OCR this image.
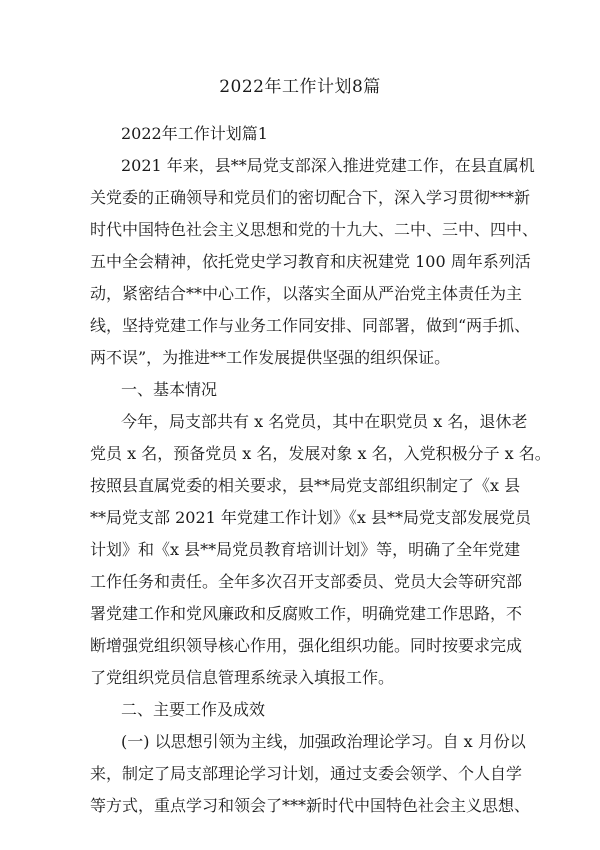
2022年工作计划8篇
2022年工作计划篇1
2021 年来，县**局党支部深入推进党建工作，在县直属机
关党委的正确领导和党员们的密切配合下，深入学习贯彻***新
时代中国特色社会主义思想和党的十九大、二中、三中、四中、
五中全会精神，依托党史学习教育和庆祝建党 100 周年系列活
动，紧密结合**中心工作，以落实全面从严治党主体责任为主
线，坚持党建工作与业务工作同安排、同部署，做到“两手抓、
两不误”，为推进**工作发展提供坚强的组织保证。
一、基本情况
今年，局支部共有 x 名党员，其中在职党员 x 名，退休老
党员 x 名，预备党员 x 名，发展对象 x 名，入党积极分子 x 名。
按照县直属党委的相关要求，县**局党支部组织制定了《x 县
**局党支部 2021 年党建工作计划》《x 县**局党支部发展党员
计划》和《x 县**局党员教育培训计划》等，明确了全年党建
工作任务和责任。全年多次召开支部委员、党员大会等研究部
署党建工作和党风廉政和反腐败工作，明确党建工作思路，不
断增强党组织领导核心作用，强化组织功能。同时按要求完成
了党组织党员信息管理系统录入填报工作。
二、主要工作及成效
(一) 以思想引领为主线，加强政治理论学习。自 x 月份以
来，制定了局支部理论学习计划，通过支委会领学、个人自学
等方式，重点学习和领会了***新时代中国特色社会主义思想、
